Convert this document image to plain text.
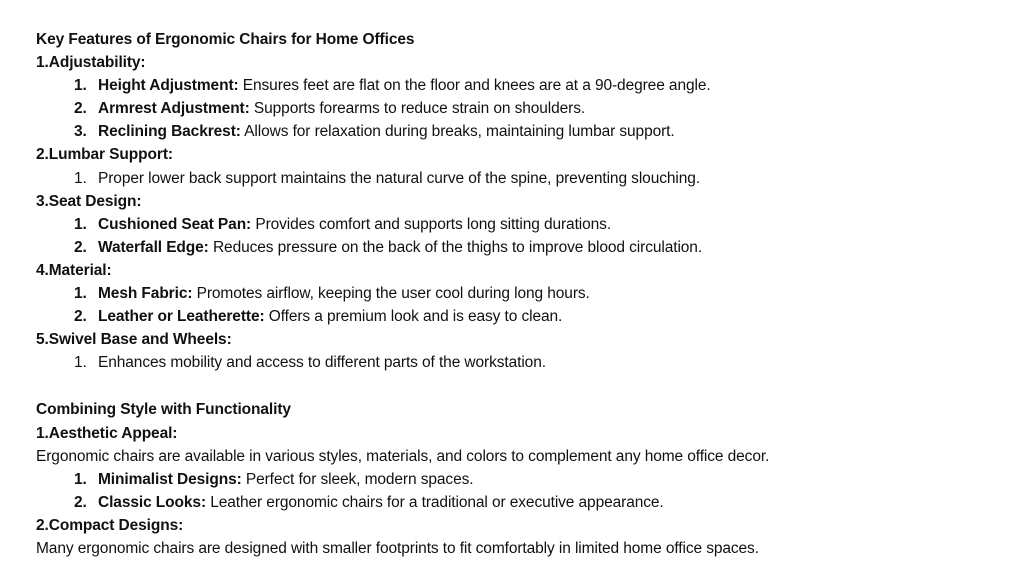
Key Features of Ergonomic Chairs for Home Offices
1.Adjustability:
1. Height Adjustment: Ensures feet are flat on the floor and knees are at a 90-degree angle.
2. Armrest Adjustment: Supports forearms to reduce strain on shoulders.
3. Reclining Backrest: Allows for relaxation during breaks, maintaining lumbar support.
2.Lumbar Support:
1. Proper lower back support maintains the natural curve of the spine, preventing slouching.
3.Seat Design:
1. Cushioned Seat Pan: Provides comfort and supports long sitting durations.
2. Waterfall Edge: Reduces pressure on the back of the thighs to improve blood circulation.
4.Material:
1. Mesh Fabric: Promotes airflow, keeping the user cool during long hours.
2. Leather or Leatherette: Offers a premium look and is easy to clean.
5.Swivel Base and Wheels:
1. Enhances mobility and access to different parts of the workstation.
Combining Style with Functionality
1.Aesthetic Appeal:
Ergonomic chairs are available in various styles, materials, and colors to complement any home office decor.
1. Minimalist Designs: Perfect for sleek, modern spaces.
2. Classic Looks: Leather ergonomic chairs for a traditional or executive appearance.
2.Compact Designs:
Many ergonomic chairs are designed with smaller footprints to fit comfortably in limited home office spaces.
